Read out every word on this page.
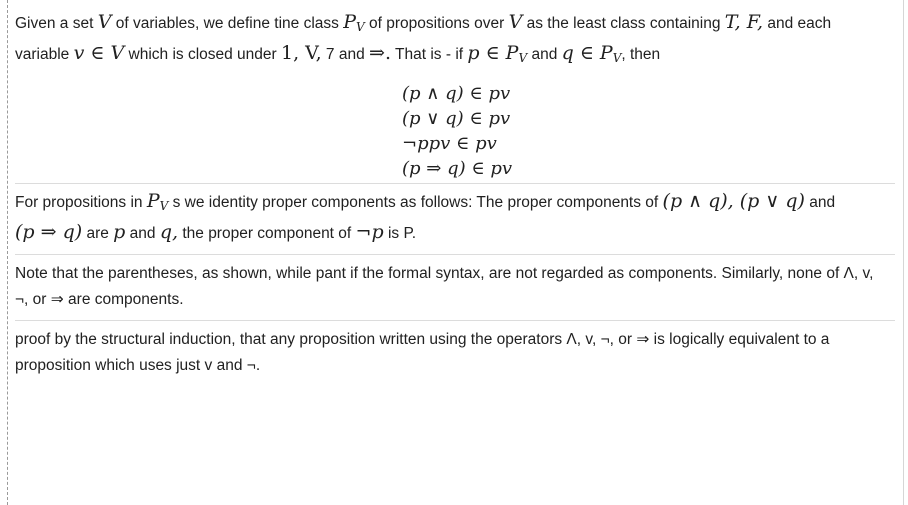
Given a set V of variables, we define tine class $P_V$ of propositions over V as the least class containing T, F, and each
variable v ∈ V which is closed under 1, V, 7 and ⇒. That is - if p ∈ $P_V$ and q ∈ $P_V$, then
(p ∧ q) ∈ pv
(p ∨ q) ∈ pv
¬ppv ∈ pv
(p ⇒ q) ∈ pv
For propositions in $P_V$ s we identity proper components as follows: The proper components of (p ∧ q), (p ∨ q) and
(p ⇒ q) are p and q, the proper component of ¬p is P.
Note that the parentheses, as shown, while pant if the formal syntax, are not regarded as components. Similarly, none of Λ, v,
¬, or ⇒ are components.
proof by the structural induction, that any proposition written using the operators Λ, v, ¬, or ⇒ is logically equivalent to a
proposition which uses just v and ¬.
